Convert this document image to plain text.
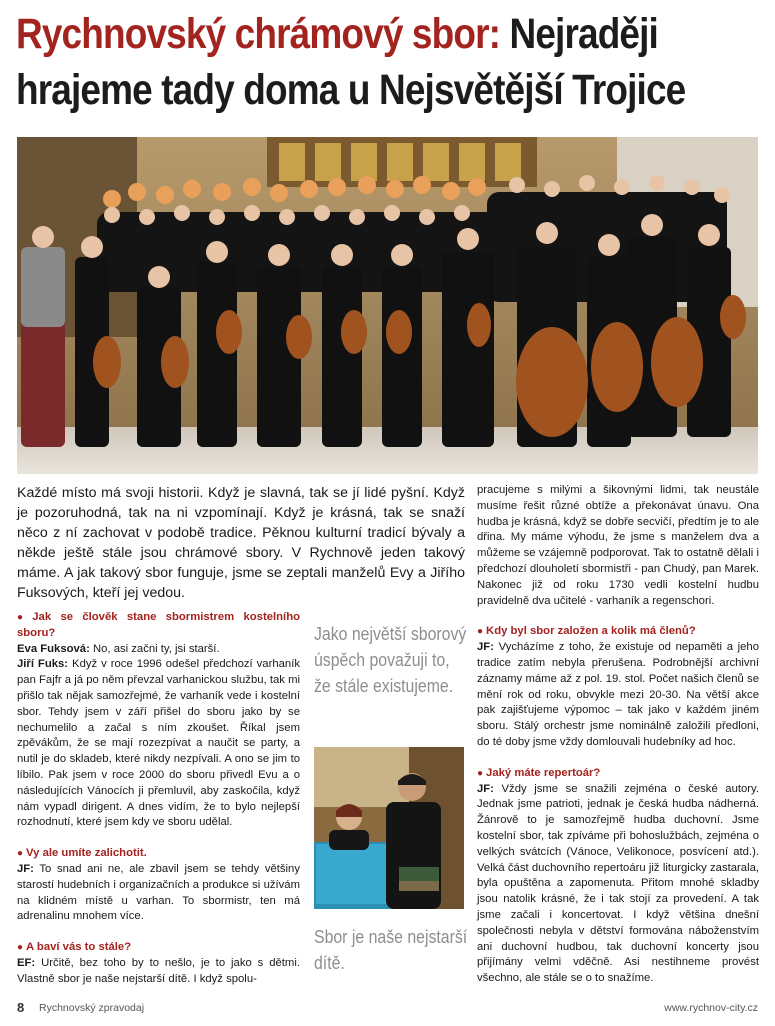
Rychnovský chrámový sbor: Nejraději hrajeme tady doma u Nejsvětější Trojice
Každé místo má svoji historii. Když je slavná, tak se jí lidé pyšní. Když je pozoruhodná, tak na ni vzpomínají. Když je krásná, tak se snaží něco z ní zachovat v podobě tradice. Pěknou kulturní tradicí bývaly a někde ještě stále jsou chrámové sbory. V Rychnově jeden takový máme. A jak takový sbor funguje, jsme se zeptali manželů Evy a Jiřího Fuksových, kteří jej vedou.

● Jak se člověk stane sbormistrem kostelního sboru?

Eva Fuksová: No, asi začni ty, jsi starší.

Jiří Fuks: Když v roce 1996 odešel předchozí varhaník pan Fajfr a já po něm převzal varhanickou službu, tak mi přišlo tak nějak samozřejmé, že varhaník vede i kostelní sbor. Tehdy jsem v září přišel do sboru jako by se nechumelilo a začal s ním zkoušet. Říkal jsem zpěvákům, že se mají rozezpívat a naučit se party, a nutil je do skladeb, které nikdy nezpívali. A ono se jim to líbilo. Pak jsem v roce 2000 do sboru přivedl Evu a o následujících Vánocích ji přemluvil, aby zaskočila, když nám vypadl dirigent. A dnes vidím, že to bylo nejlepší rozhodnutí, které jsem kdy ve sboru udělal.

● Vy ale umíte zalichotit.

JF: To snad ani ne, ale zbavil jsem se tehdy většiny starostí hudebních i organizačních a produkce si užívám na klidném místě u varhan. To sbormistr, ten má adrenalinu mnohem více.

● A baví vás to stále?

EF: Určitě, bez toho by to nešlo, je to jako s dětmi. Vlastně sbor je naše nejstarší dítě. I když spolu-

Jako největší sborový úspěch považuji to, že stále existujeme.
Sbor je naše nejstarší dítě.

pracujeme s milými a šikovnými lidmi, tak neustále musíme řešit různé obtíže a překonávat únavu. Ona hudba je krásná, když se dobře secvičí, předtím je to ale dřina. My máme výhodu, že jsme s manželem dva a můžeme se vzájemně podporovat. Tak to ostatně dělali i předchozí dlouholetí sbormistři - pan Chudý, pan Marek. Nakonec již od roku 1730 vedli kostelní hudbu pravidelně dva učitelé - varhaník a regenschori.

● Kdy byl sbor založen a kolik má členů?

JF: Vycházíme z toho, že existuje od nepaměti a jeho tradice zatím nebyla přerušena. Podrobnější archivní záznamy máme až z pol. 19. stol. Počet našich členů se mění rok od roku, obvykle mezi 20-30. Na větší akce pak zajišťujeme výpomoc – tak jako v každém jiném sboru. Stálý orchestr jsme nominálně založili předloni, do té doby jsme vždy domlouvali hudebníky ad hoc.

● Jaký máte repertoár?

JF: Vždy jsme se snažili zejména o české autory. Jednak jsme patrioti, jednak je česká hudba nádherná. Žánrově to je samozřejmě hudba duchovní. Jsme kostelní sbor, tak zpíváme při bohoslužbách, zejména o velkých svátcích (Vánoce, Velikonoce, posvícení atd.). Velká část duchovního repertoáru již liturgicky zastarala, byla opuštěna a zapomenuta. Přitom mnohé skladby jsou natolik krásné, že i tak stojí za provedení. A tak jsme začali i koncertovat. I když většina dnešní společnosti nebyla v dětství formována náboženstvím ani duchovní hudbou, tak duchovní koncerty jsou přijímány velmi vděčně. Asi nestihneme provést všechno, ale stále se o to snažíme.

8 Rychnovský zpravodaj	www.rychnov-city.cz
